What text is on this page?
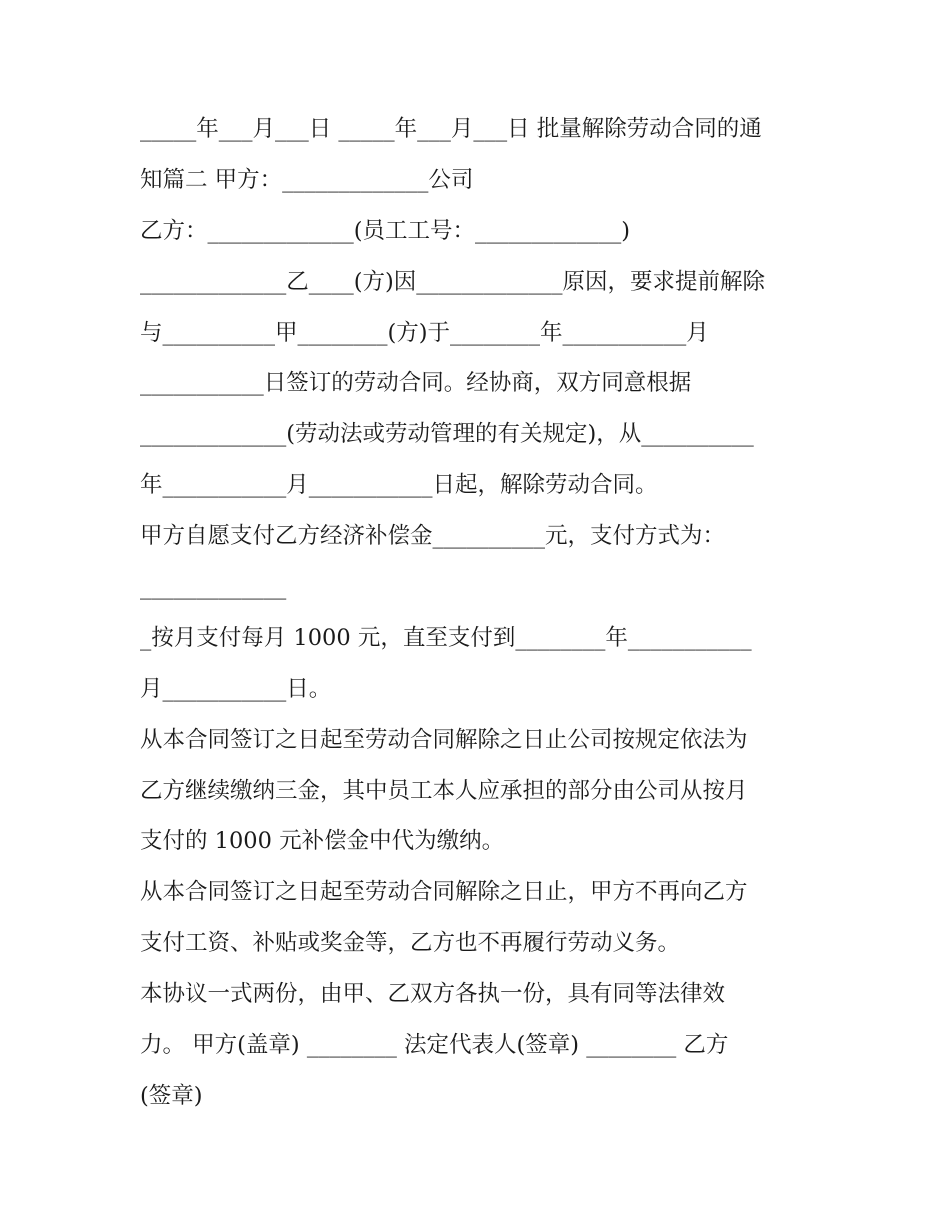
_____年___月___日 _____年___月___日 批量解除劳动合同的通
知篇二 甲方：_____________公司
乙方：_____________(员工工号：_____________)
_____________乙____(方)因_____________原因，要求提前解除
与__________甲________(方)于________年___________月
___________日签订的劳动合同。经协商，双方同意根据
_____________(劳动法或劳动管理的有关规定)，从__________
年___________月___________日起，解除劳动合同。
甲方自愿支付乙方经济补偿金__________元，支付方式为：
_____________
_按月支付每月 1000 元，直至支付到________年___________
月___________日。
从本合同签订之日起至劳动合同解除之日止公司按规定依法为
乙方继续缴纳三金，其中员工本人应承担的部分由公司从按月
支付的 1000 元补偿金中代为缴纳。
从本合同签订之日起至劳动合同解除之日止，甲方不再向乙方
支付工资、补贴或奖金等，乙方也不再履行劳动义务。
本协议一式两份，由甲、乙双方各执一份，具有同等法律效
力。 甲方(盖章) ________ 法定代表人(签章) ________ 乙方
(签章)
